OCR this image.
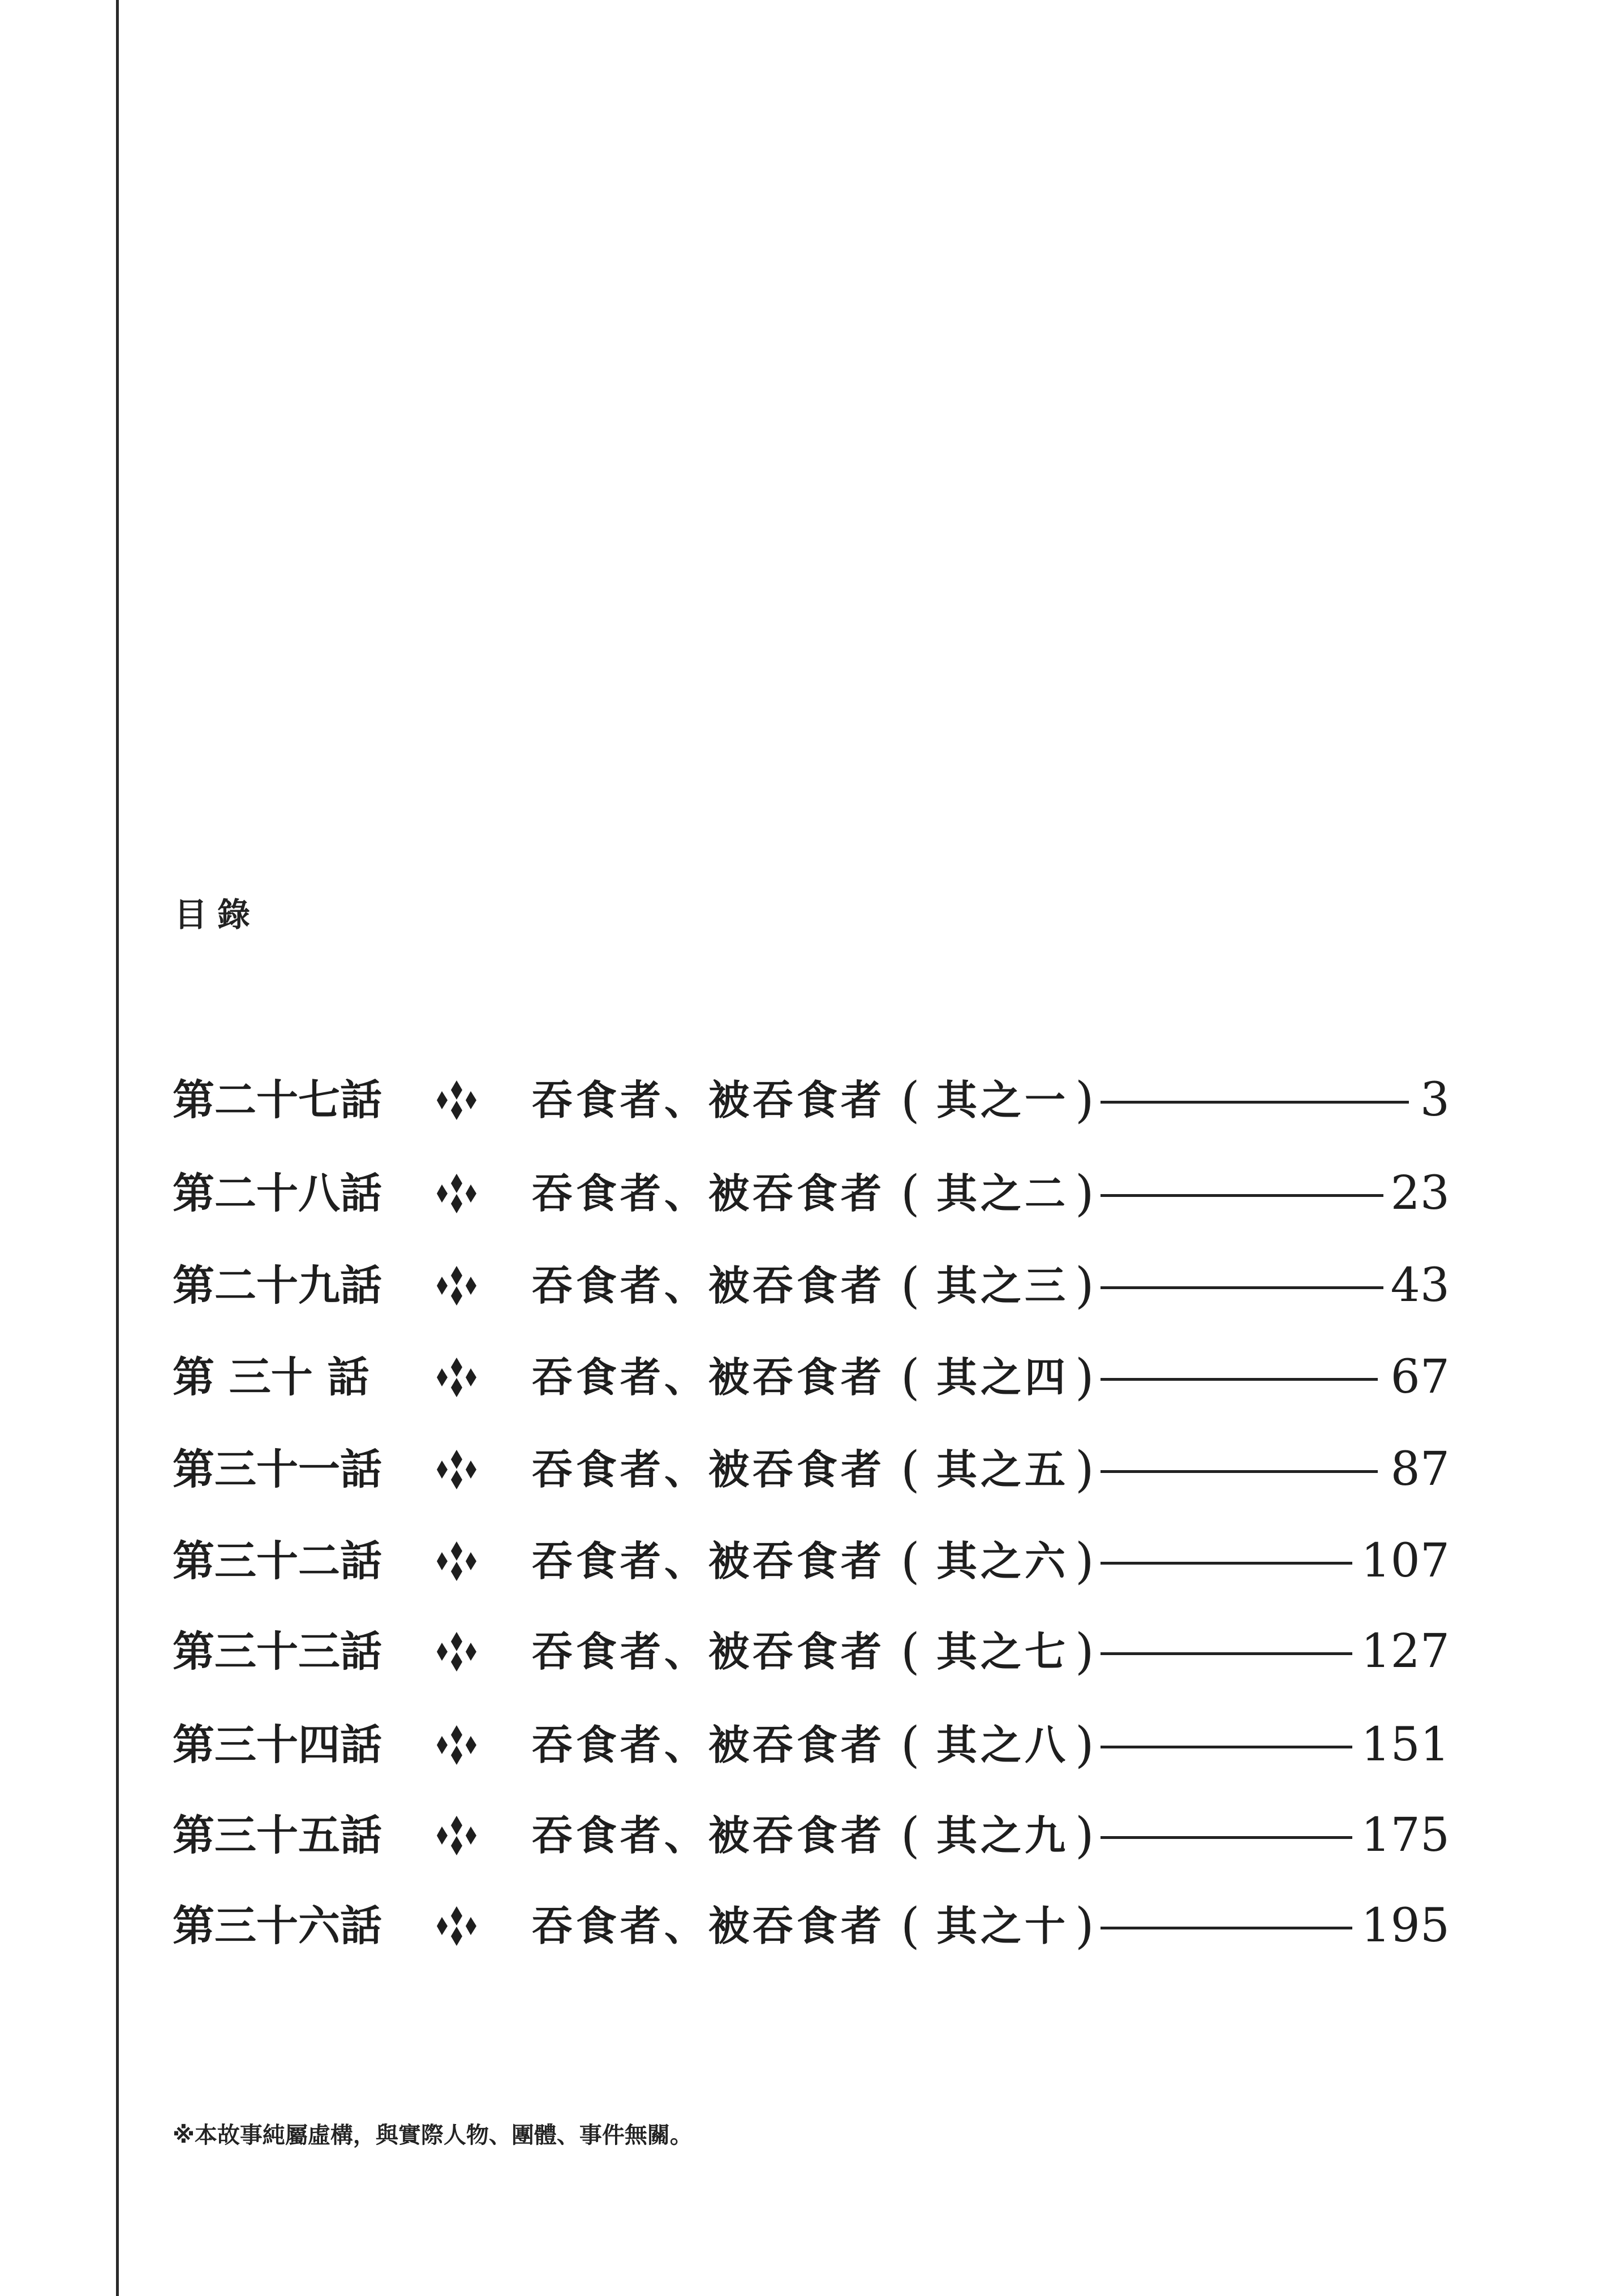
目錄
第二十七話	吞食者、被吞食者 ( 其之一 )	3
第二十八話	吞食者、被吞食者 ( 其之二 )	23
第二十九話	吞食者、被吞食者 ( 其之三 )	43
第 三十 話	吞食者、被吞食者 ( 其之四 )	67
第三十一話	吞食者、被吞食者 ( 其之五 )	87
第三十二話	吞食者、被吞食者 ( 其之六 )	107
第三十三話	吞食者、被吞食者 ( 其之七 )	127
第三十四話	吞食者、被吞食者 ( 其之八 )	151
第三十五話	吞食者、被吞食者 ( 其之九 )	175
第三十六話	吞食者、被吞食者 ( 其之十 )	195
※本故事純屬虛構，與實際人物、團體、事件無關。
